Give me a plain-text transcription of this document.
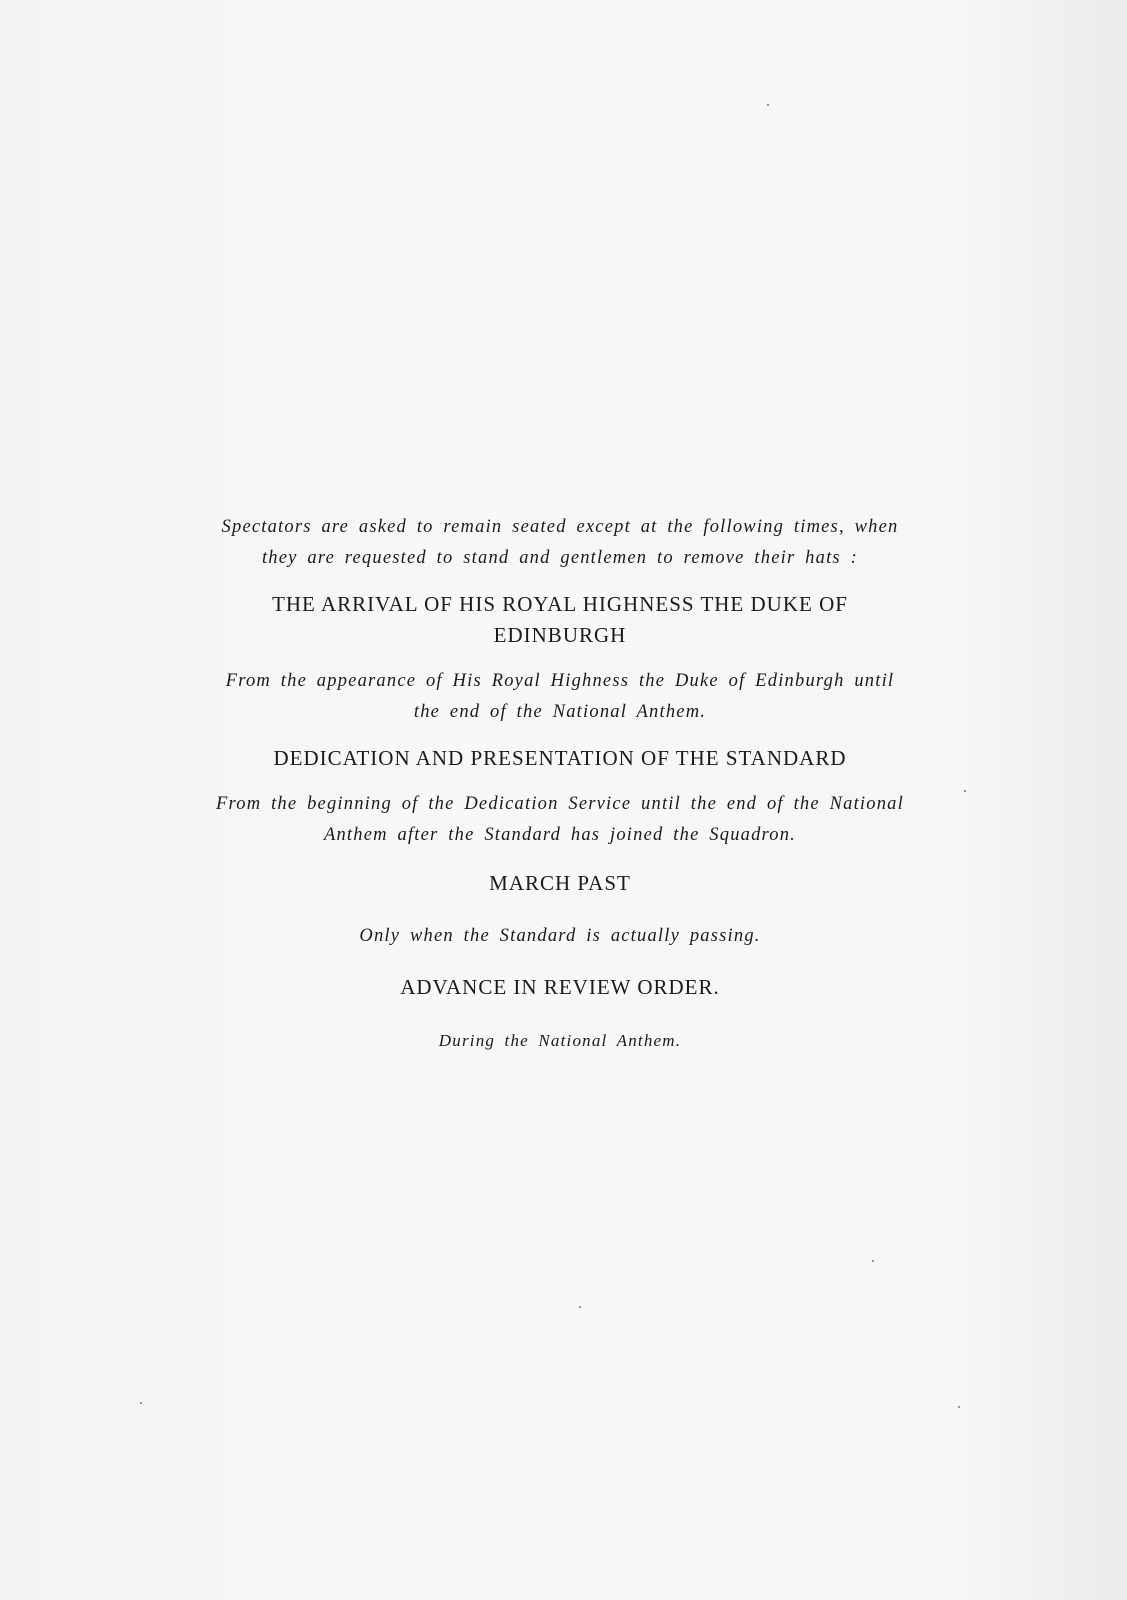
Spectators are asked to remain seated except at the following times, when
they are requested to stand and gentlemen to remove their hats :

THE ARRIVAL OF HIS ROYAL HIGHNESS THE DUKE OF
EDINBURGH

From the appearance of His Royal Highness the Duke of Edinburgh until
the end of the National Anthem.

DEDICATION AND PRESENTATION OF THE STANDARD

From the beginning of the Dedication Service until the end of the National
Anthem after the Standard has joined the Squadron.

MARCH PAST

Only when the Standard is actually passing.

ADVANCE IN REVIEW ORDER.

During the National Anthem.
